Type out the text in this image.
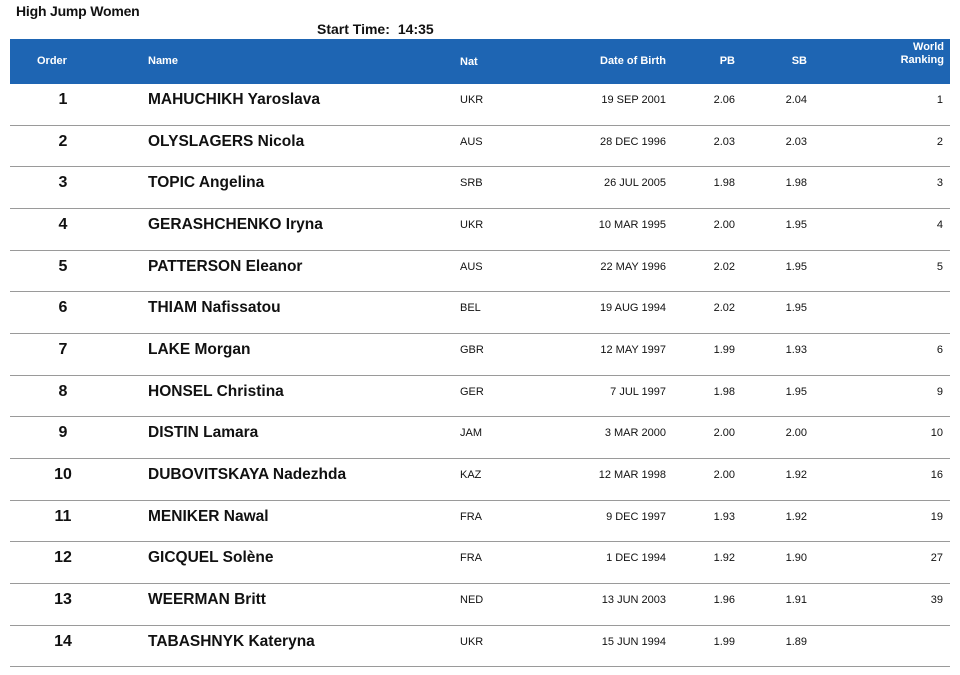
High Jump Women
Start Time: 14:35
Order	Name	Nat	Date of Birth	PB	SB
World
Ranking
1	MAHUCHIKH Yaroslava	UKR	19 SEP 2001	2.06	2.04	1
2	OLYSLAGERS Nicola	AUS	28 DEC 1996	2.03	2.03	2
3	TOPIC Angelina	SRB	26 JUL 2005	1.98	1.98	3
4	GERASHCHENKO Iryna	UKR	10 MAR 1995	2.00	1.95	4
5	PATTERSON Eleanor	AUS	22 MAY 1996	2.02	1.95	5
6	THIAM Nafissatou	BEL	19 AUG 1994	2.02	1.95
7	LAKE Morgan	GBR	12 MAY 1997	1.99	1.93	6
8	HONSEL Christina	GER	7 JUL 1997	1.98	1.95	9
9	DISTIN Lamara	JAM	3 MAR 2000	2.00	2.00	10
10	DUBOVITSKAYA Nadezhda	KAZ	12 MAR 1998	2.00	1.92	16
11	MENIKER Nawal	FRA	9 DEC 1997	1.93	1.92	19
12	GICQUEL Solène	FRA	1 DEC 1994	1.92	1.90	27
13	WEERMAN Britt	NED	13 JUN 2003	1.96	1.91	39
14	TABASHNYK Kateryna	UKR	15 JUN 1994	1.99	1.89
